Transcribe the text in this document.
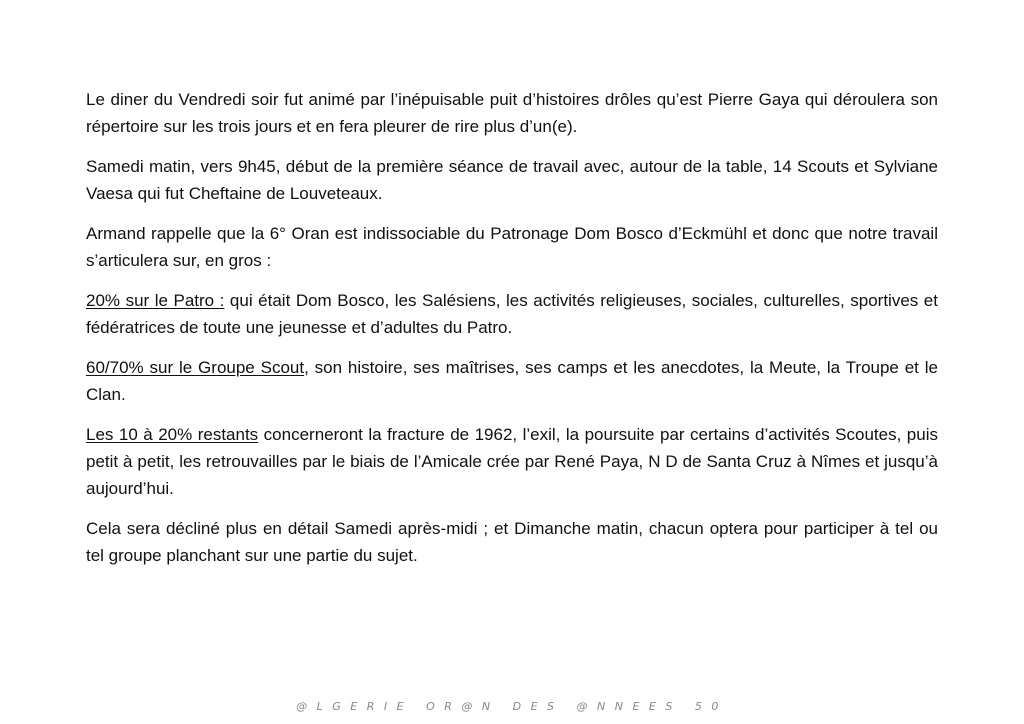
Le diner du Vendredi soir fut animé par l’inépuisable puit d’histoires drôles qu’est Pierre Gaya qui déroulera son répertoire sur les trois jours et en fera pleurer de rire plus d’un(e).

Samedi matin, vers 9h45, début de la première séance de travail avec, autour de la table, 14 Scouts et Sylviane Vaesa qui fut Cheftaine de Louveteaux.

Armand rappelle que la 6° Oran est indissociable du Patronage Dom Bosco d’Eckmühl et donc que notre travail s’articulera sur, en gros :

20% sur le Patro : qui était Dom Bosco, les Salésiens, les activités religieuses, sociales, culturelles, sportives et fédératrices de toute une jeunesse et d’adultes du Patro.

60/70% sur le Groupe Scout, son histoire, ses maîtrises, ses camps et les anecdotes, la Meute, la Troupe et le Clan.

Les 10 à 20% restants concerneront la fracture de 1962, l’exil, la poursuite par certains d’activités Scoutes, puis petit à petit, les retrouvailles par le biais de l’Amicale crée par René Paya, N D de Santa Cruz à Nîmes et jusqu’à aujourd’hui.

Cela sera décliné plus en détail Samedi après-midi ; et Dimanche matin, chacun optera pour participer à tel ou tel groupe planchant sur une partie du sujet.

@LGERIE OR@N DES @NNEES 50
